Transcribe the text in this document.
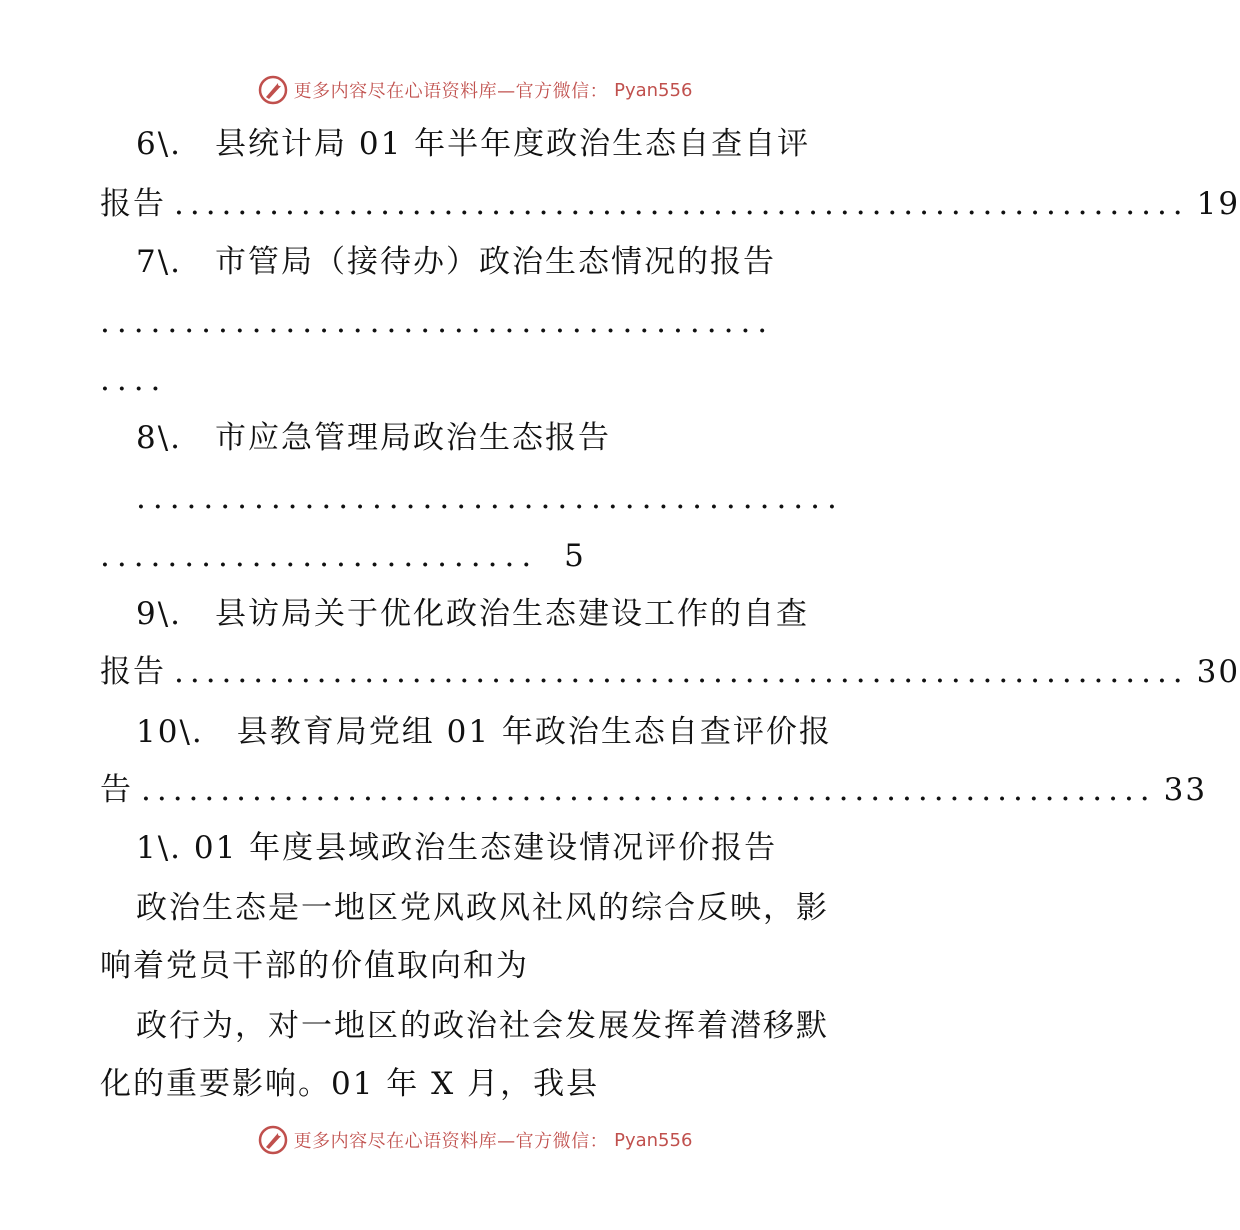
更多内容尽在心语资料库—官方微信： Pyan556
6\.　县统计局 01 年半年度政治生态自查自评
报告 ................................................................ 19
7\.　市管局（接待办）政治生态情况的报告
........................................
....
8\.　市应急管理局政治生态报告
..........................................
.......................... 5
9\.　县访局关于优化政治生态建设工作的自查
报告 ................................................................ 30
10\.　县教育局党组 01 年政治生态自查评价报
告 ................................................................ 33
1\. 01 年度县域政治生态建设情况评价报告
政治生态是一地区党风政风社风的综合反映，影
响着党员干部的价值取向和为
政行为，对一地区的政治社会发展发挥着潜移默
化的重要影响。01 年 X 月，我县
更多内容尽在心语资料库—官方微信： Pyan556
